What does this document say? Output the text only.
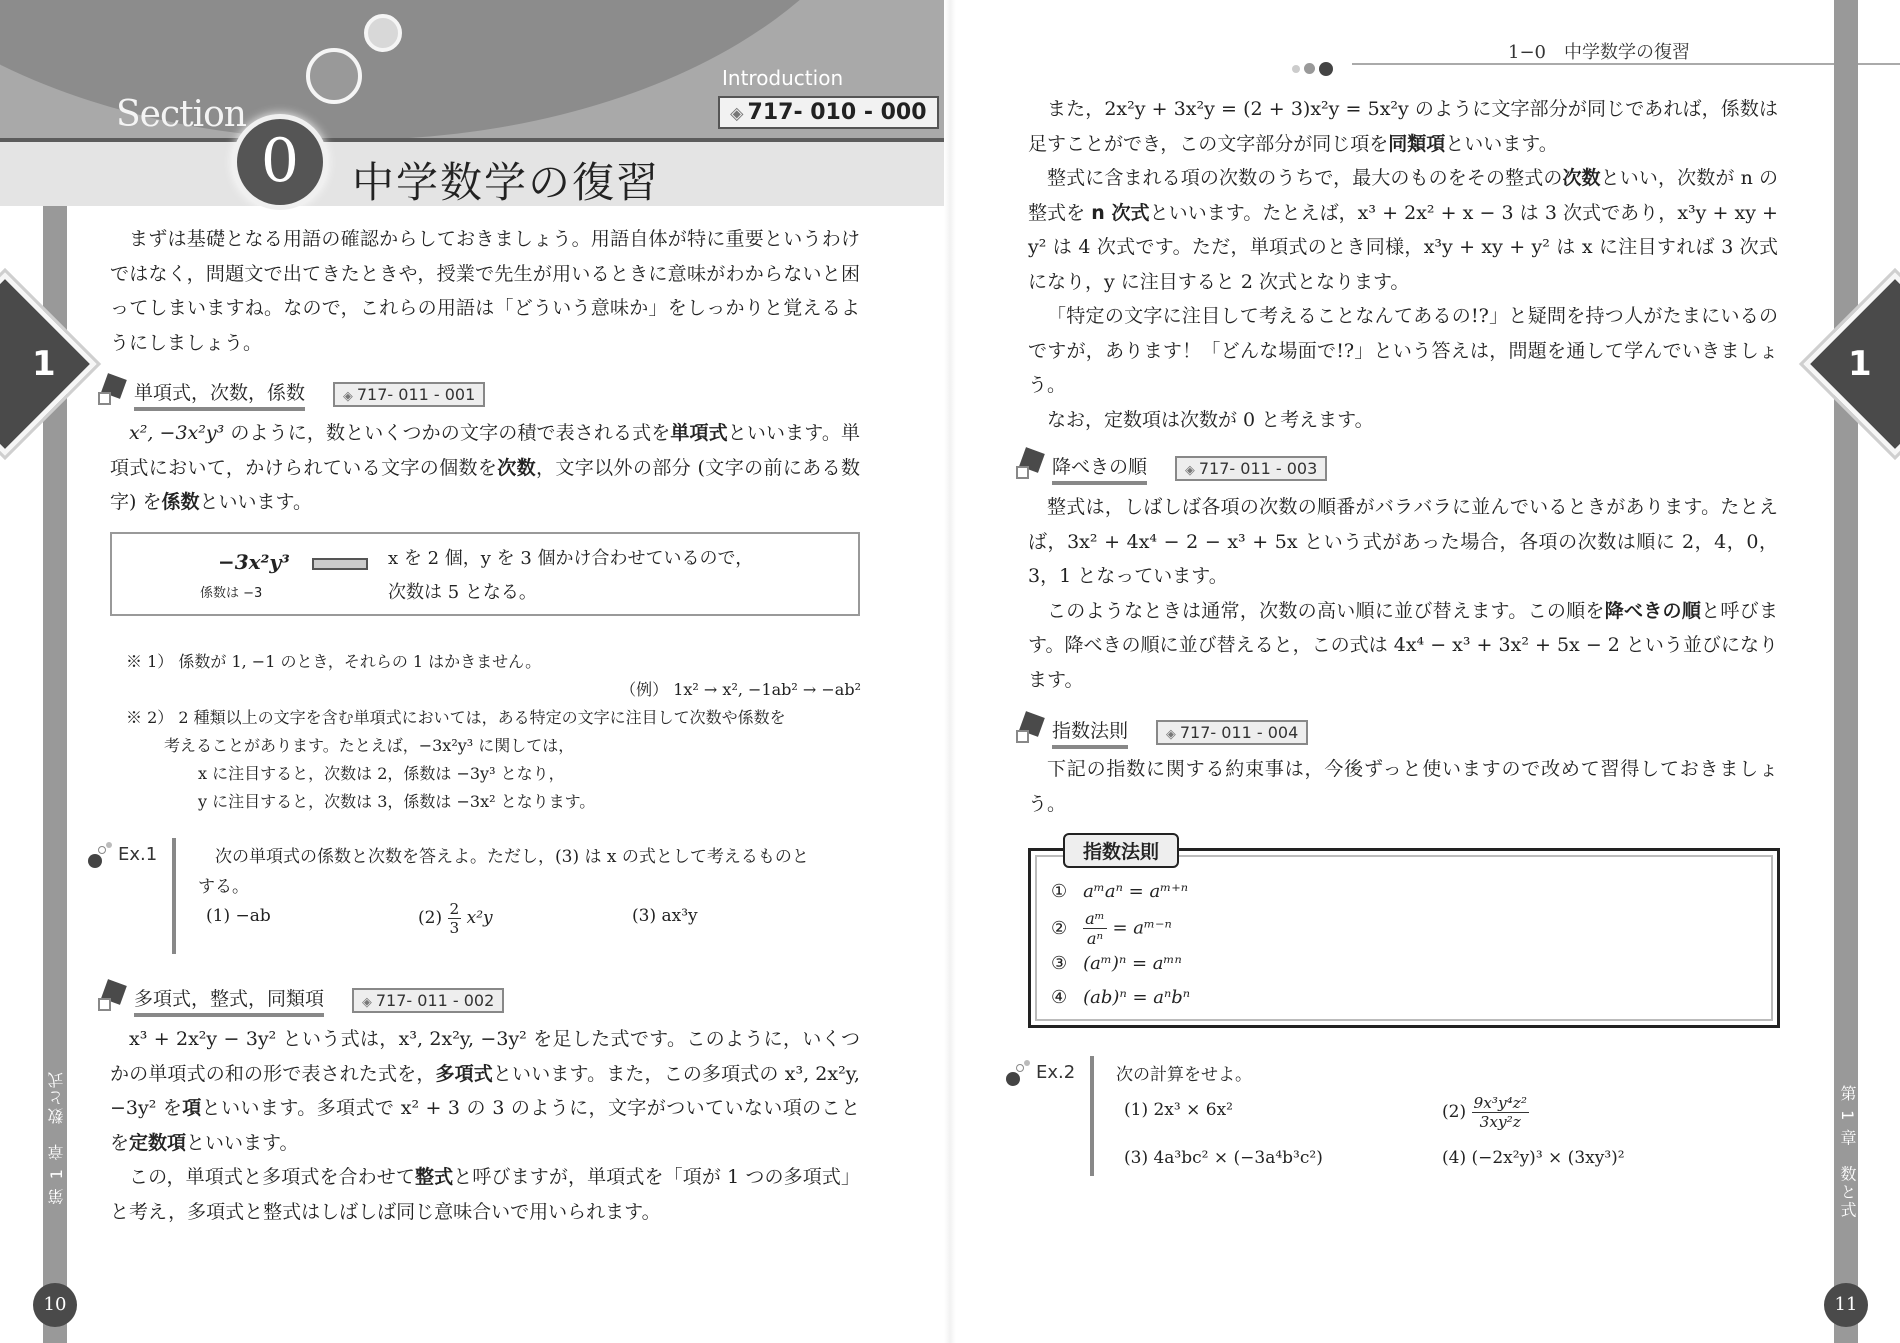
Section
0	中学数学の復習
Introduction
◈ 717- 010 - 000
1
第 1 章　数と式
10

まずは基礎となる用語の確認からしておきましょう。用語自体が特に重要というわけではなく，問題文で出てきたときや，授業で先生が用いるときに意味がわからないと困ってしまいますね。なので，これらの用語は「どういう意味か」をしっかりと覚えるようにしましょう。

単項式，次数，係数	◈ 717- 011 - 001

x², −3x²y³ のように，数といくつかの文字の積で表される式を単項式といいます。単項式において，かけられている文字の個数を次数，文字以外の部分 (文字の前にある数字) を係数といいます。

−3x²y³
係数は −3
x を 2 個，y を 3 個かけ合わせているので，
次数は 5 となる。
※ 1） 係数が 1, −1 のとき，それらの 1 はかきません。
（例） 1x² → x², −1ab² → −ab²
※ 2） 2 種類以上の文字を含む単項式においては，ある特定の文字に注目して次数や係数を
考えることがあります。たとえば，−3x²y³ に関しては，
x に注目すると，次数は 2，係数は −3y³ となり，
y に注目すると，次数は 3，係数は −3x² となります。
Ex.1	次の単項式の係数と次数を答えよ。ただし，(3) は x の式として考えるものと
する。
(1) −ab	$(2) \frac{2}{3} x^2y$	(3) ax³y
多項式，整式，同類項	◈ 717- 011 - 002

x³ + 2x²y − 3y² という式は，x³, 2x²y, −3y² を足した式です。このように，いくつかの単項式の和の形で表された式を，多項式といいます。また，この多項式の x³, 2x²y, −3y² を項といいます。多項式で x² + 3 の 3 のように，文字がついていない項のことを定数項といいます。

この，単項式と多項式を合わせて整式と呼びますが，単項式を「項が 1 つの多項式」と考え，多項式と整式はしばしば同じ意味合いで用いられます。

1−0　中学数学の復習
1
第 1 章　数と式
11

また，2x²y + 3x²y = (2 + 3)x²y = 5x²y のように文字部分が同じであれば，係数は足すことができ，この文字部分が同じ項を同類項といいます。

整式に含まれる項の次数のうちで，最大のものをその整式の次数といい，次数が n の整式を n 次式といいます。たとえば，x³ + 2x² + x − 3 は 3 次式であり，x³y + xy + y² は 4 次式です。ただ，単項式のとき同様，x³y + xy + y² は x に注目すれば 3 次式になり，y に注目すると 2 次式となります。

「特定の文字に注目して考えることなんてあるの!?」と疑問を持つ人がたまにいるのですが，あります！「どんな場面で!?」という答えは，問題を通して学んでいきましょう。

なお，定数項は次数が 0 と考えます。

降べきの順	◈ 717- 011 - 003

整式は，しばしば各項の次数の順番がバラバラに並んでいるときがあります。たとえば，3x² + 4x⁴ − 2 − x³ + 5x という式があった場合，各項の次数は順に 2，4，0，3，1 となっています。

このようなときは通常，次数の高い順に並び替えます。この順を降べきの順と呼びます。降べきの順に並び替えると，この式は 4x⁴ − x³ + 3x² + 5x − 2 という並びになります。

指数法則	◈ 717- 011 - 004

下記の指数に関する約束事は，今後ずっと使いますので改めて習得しておきましょう。

指数法則
① aᵐaⁿ = aᵐ⁺ⁿ
② $\frac{\text{aᵐ}}{\text{aⁿ}}$ = aᵐ⁻ⁿ
③ (aᵐ)ⁿ = aᵐⁿ
④ (ab)ⁿ = aⁿbⁿ
Ex.2 次の計算をせよ。
(1) 2x³ × 6x²	$(2) \frac{\text{9x³y⁴z²}}{\text{3xy²z}}$
(3) 4a³bc² × (−3a⁴b³c²)	(4) (−2x²y)³ × (3xy³)²
